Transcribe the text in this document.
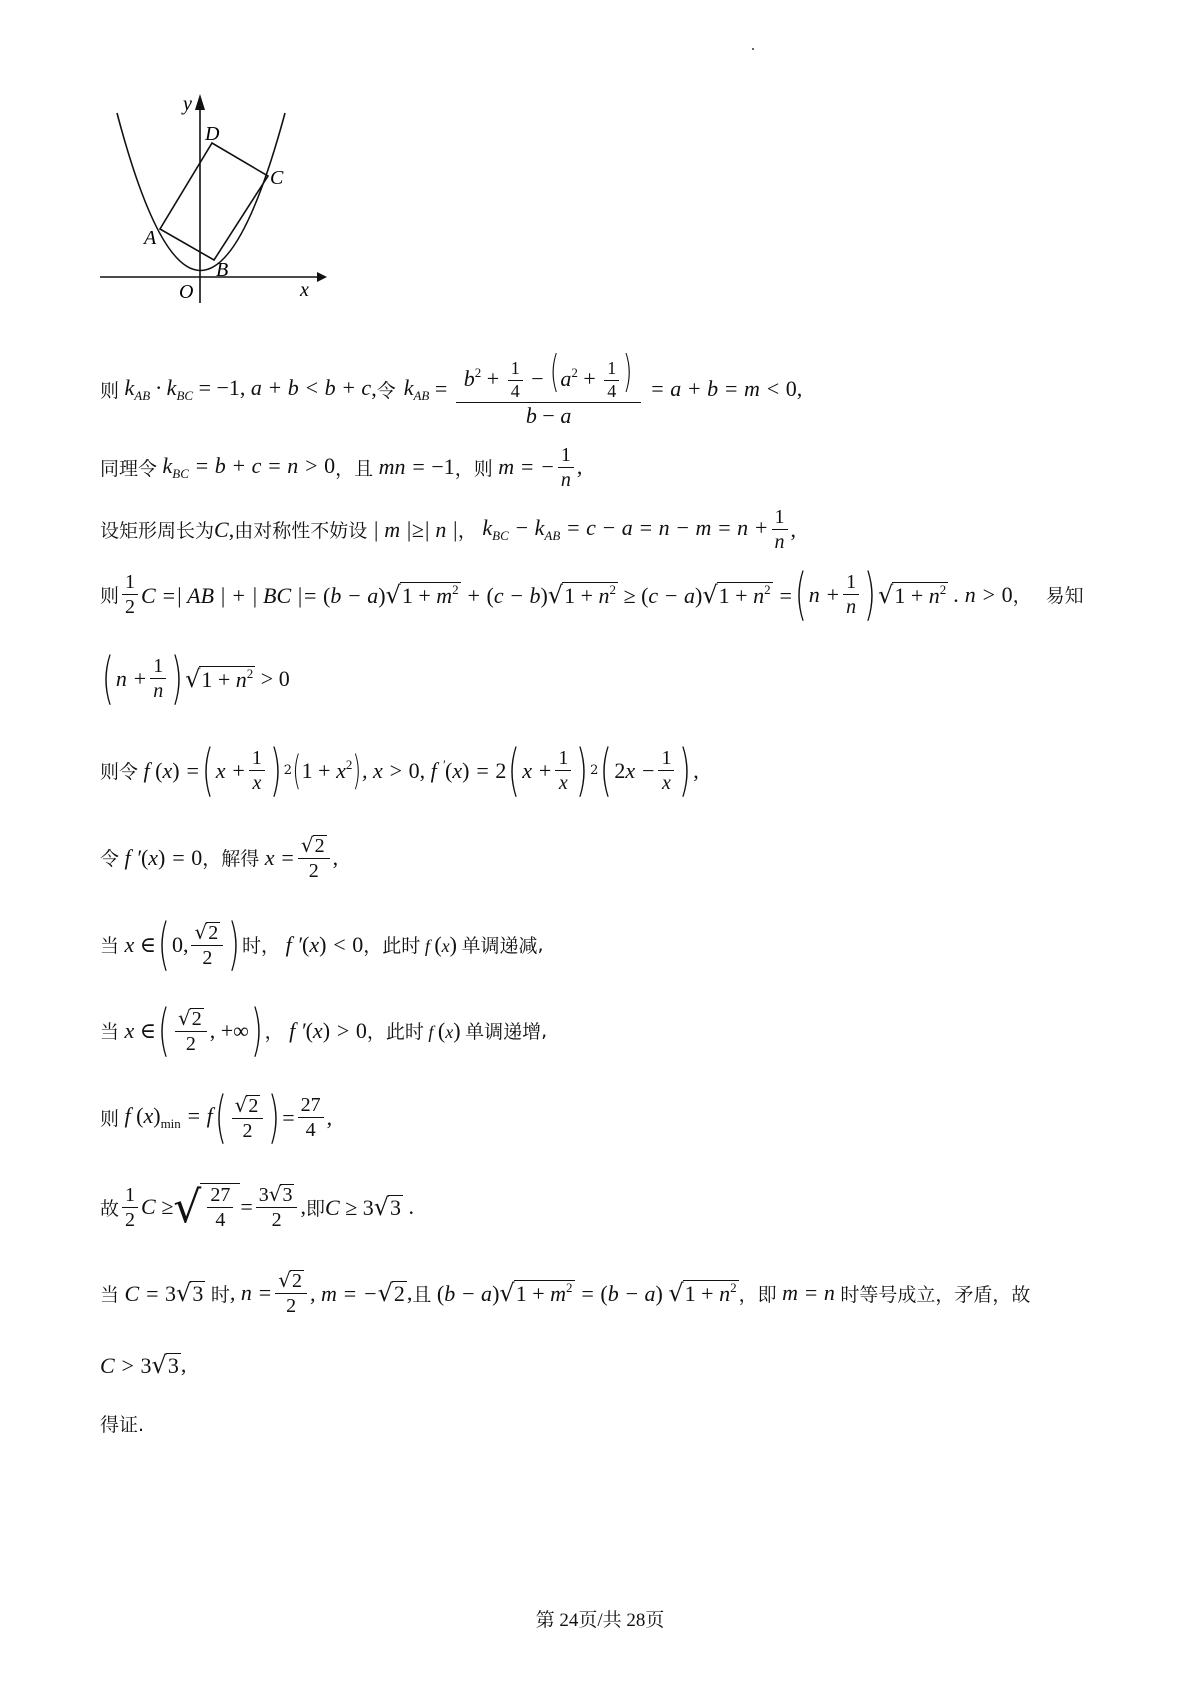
y
x
O
A
B
C
D
则 $k_{AB} \cdot k_{BC} = -1$, a + b < b + c , 令 $k_{AB} = \frac{b^2 + \frac{1}{4} - (a^2 + \frac{1}{4} )}{b - a} = a + b = m < 0$ ,
同理令 $k_{BC} = b + c = n > 0$ ， 且 mn = −1 ， 则 m = − $\frac{1}{n}$ ,
设矩形周长为 C , 由对称性不妨设 | m |≥| n | ， $k_{BC} - k_{AB} = c - a = n - m = n + \frac{1}{n}$ ,
则 $\frac{1}{2}$ C =| AB | + | BC |= $(b - a)√1 + m^2 + (c - b)√1 + n^2 \ge (c - a)√1 + n^2$ = ( $n + \frac{1}{n}$ ) √ $1 + n^2$ . n > 0 ， 易知
( $n + \frac{1}{n}$ ) √ $1 + n^2 > 0$
则令 f (x) = ( $x + \frac{1}{x}$ ) 2 ( $1 + x^2$ ) , x > 0, f ′(x) = 2 ( $x + \frac{1}{x}$ ) 2 ( $2x - \frac{1}{x}$ ) ,
令 f ′(x) = 0 ， 解得 $x = \frac{√2}{2}$ ,
当 x ∈ ( 0, $\frac{√2}{2}$ ) 时， f ′(x) < 0 ， 此时 f (x) 单调递减 ,
当 x ∈ ( $\frac{√2}{2}$ , +∞ ) ， f ′(x) > 0 ， 此时 f (x) 单调递增 ,
则 f $(x)_{min} = f$ ( $\frac{√2}{2}$ ) = $\frac{27}{4}$ ,
故 $\frac{1}{2}$ C ≥ √ $\frac{27}{4} = \frac{3√3}{2}$ , 即 C ≥ 3√3 .
当 C = 3√3 时 , $n = \frac{√2}{2}$ , m = −√2 , 且 $(b - a)√1 + m^2 = (b - a) √1 + n^2$ ， 即 m = n 时等号成立，矛盾，故
C > 3√3 ,
得证.
第 24页/共 28页
